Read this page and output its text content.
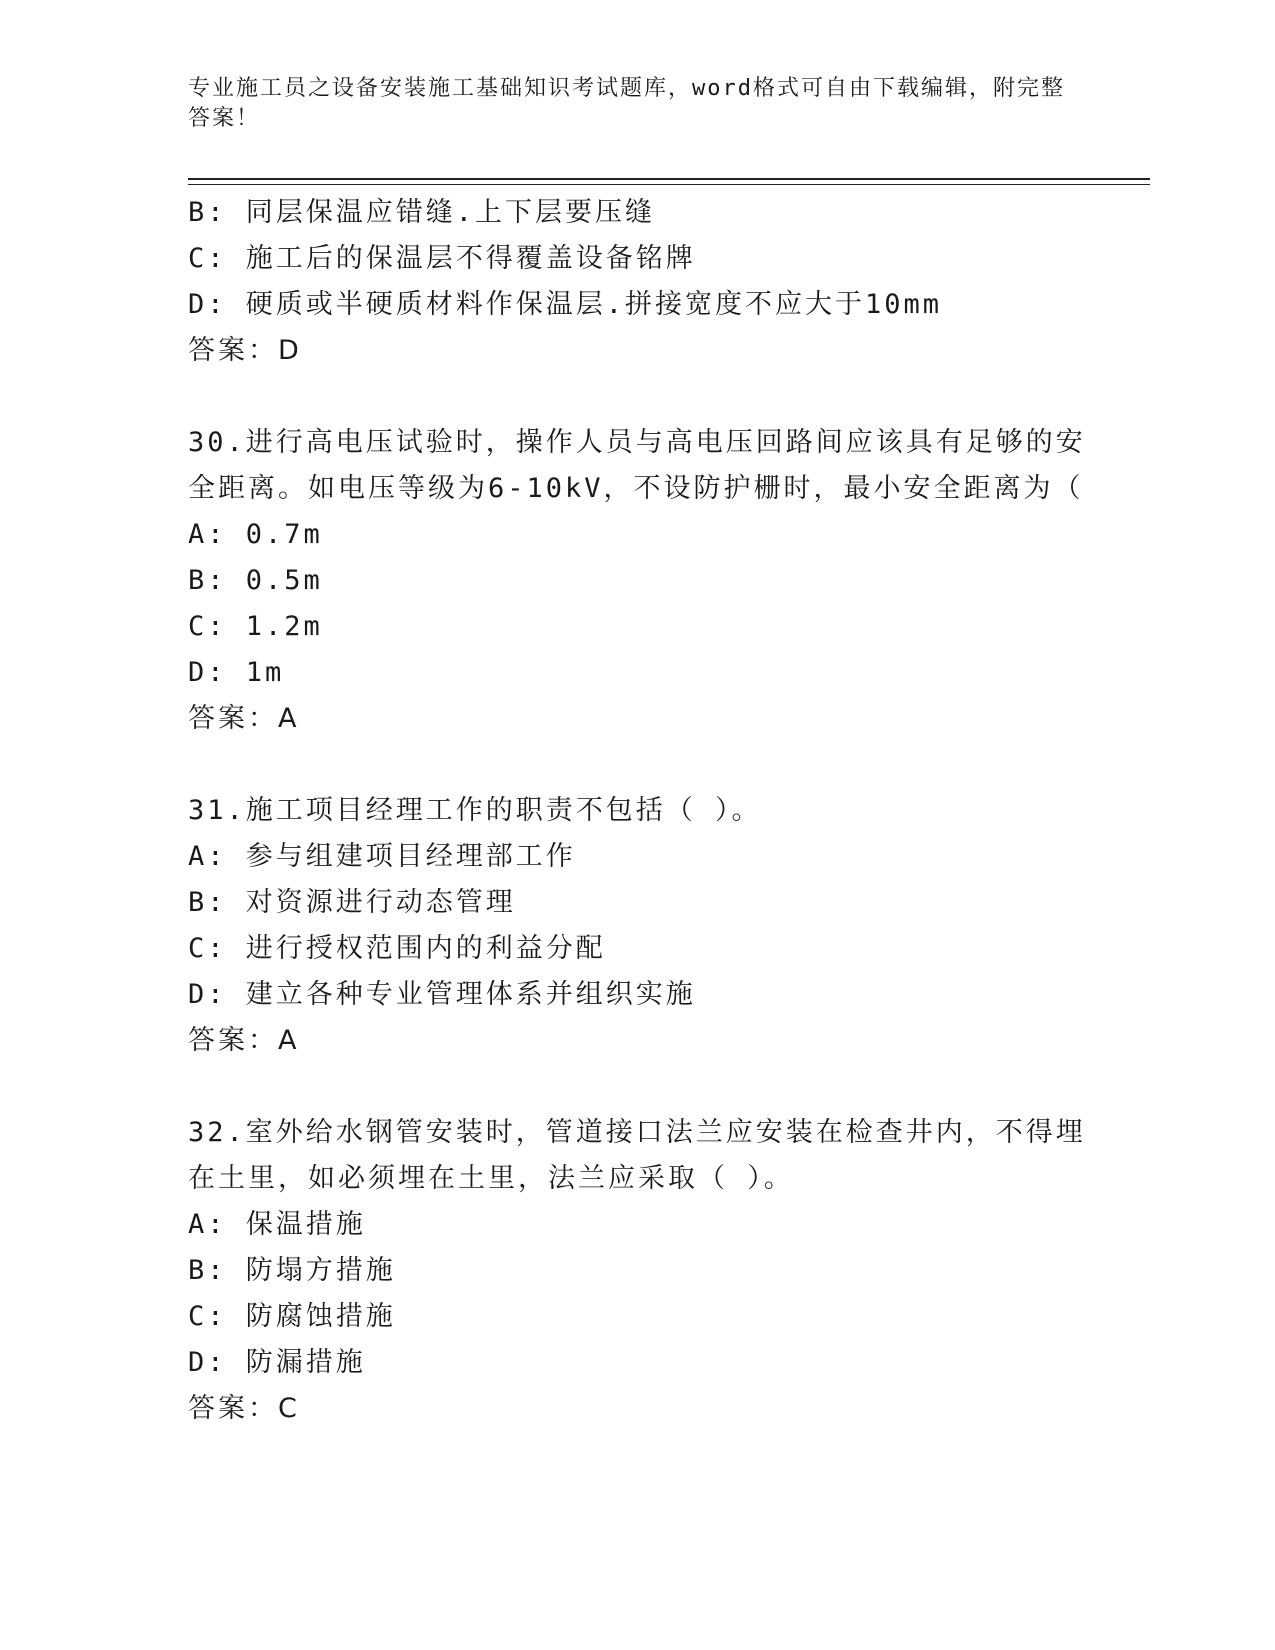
专业施工员之设备安装施工基础知识考试题库，word格式可自由下载编辑，附完整答案！
B: 同层保温应错缝.上下层要压缝
C: 施工后的保温层不得覆盖设备铭牌
D: 硬质或半硬质材料作保温层.拼接宽度不应大于10mm
答案：D
30.进行高电压试验时，操作人员与高电压回路间应该具有足够的安全距离。如电压等级为6-10kV，不设防护栅时，最小安全距离为（
A: 0.7m
B: 0.5m
C: 1.2m
D: 1m
答案：A
31.施工项目经理工作的职责不包括（ ）。
A: 参与组建项目经理部工作
B: 对资源进行动态管理
C: 进行授权范围内的利益分配
D: 建立各种专业管理体系并组织实施
答案：A
32.室外给水钢管安装时，管道接口法兰应安装在检查井内，不得埋在土里，如必须埋在土里，法兰应采取（ ）。
A: 保温措施
B: 防塌方措施
C: 防腐蚀措施
D: 防漏措施
答案：C
